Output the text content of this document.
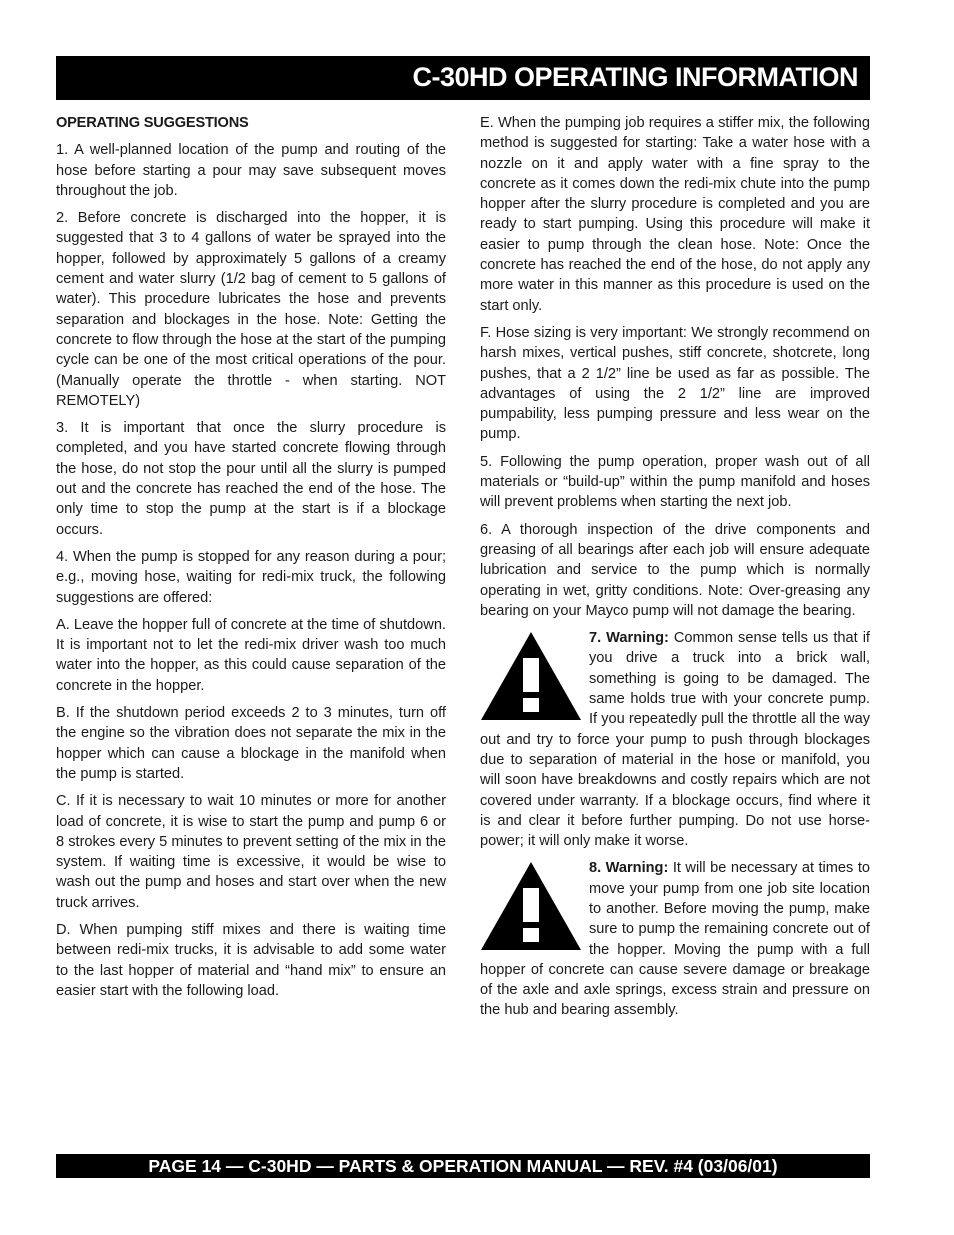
C-30HD OPERATING INFORMATION
OPERATING SUGGESTIONS

1. A well-planned location of the pump and routing of the hose before starting a pour may save subsequent moves throughout the job.

2. Before concrete is discharged into the hopper, it is suggested that 3 to 4 gallons of water be sprayed into the hopper, followed by approximately 5 gallons of a creamy cement and water slurry (1/2 bag of cement to 5 gallons of water). This procedure lubricates the hose and prevents separation and blockages in the hose. Note: Getting the concrete to flow through the hose at the start of the pumping cycle can be one of the most critical operations of the pour. (Manually operate the throttle - when starting. NOT REMOTELY)

3. It is important that once the slurry procedure is completed, and you have started concrete flowing through the hose, do not stop the pour until all the slurry is pumped out and the concrete has reached the end of the hose. The only time to stop the pump at the start is if a blockage occurs.

4. When the pump is stopped for any reason during a pour; e.g., moving hose, waiting for redi-mix truck, the following suggestions are offered:

A. Leave the hopper full of concrete at the time of shutdown. It is important not to let the redi-mix driver wash too much water into the hopper, as this could cause separation of the concrete in the hopper.

B. If the shutdown period exceeds 2 to 3 minutes, turn off the engine so the vibration does not separate the mix in the hopper which can cause a blockage in the manifold when the pump is started.

C. If it is necessary to wait 10 minutes or more for another load of concrete, it is wise to start the pump and pump 6 or 8 strokes every 5 minutes to prevent setting of the mix in the system. If waiting time is excessive, it would be wise to wash out the pump and hoses and start over when the new truck arrives.

D. When pumping stiff mixes and there is waiting time between redi-mix trucks, it is advisable to add some water to the last hopper of material and “hand mix” to ensure an easier start with the following load.

E. When the pumping job requires a stiffer mix, the following method is suggested for starting: Take a water hose with a nozzle on it and apply water with a fine spray to the concrete as it comes down the redi-mix chute into the pump hopper after the slurry procedure is completed and you are ready to start pumping. Using this procedure will make it easier to pump through the clean hose. Note: Once the concrete has reached the end of the hose, do not apply any more water in this manner as this procedure is used on the start only.

F. Hose sizing is very important: We strongly recommend on harsh mixes, vertical pushes, stiff concrete, shotcrete, long pushes, that a 2 1/2” line be used as far as possible. The advantages of using the 2 1/2” line are improved pumpability, less pumping pressure and less wear on the pump.

5. Following the pump operation, proper wash out of all materials or “build-up” within the pump manifold and hoses will prevent problems when starting the next job.

6. A thorough inspection of the drive components and greasing of all bearings after each job will ensure adequate lubrication and service to the pump which is normally operating in wet, gritty conditions. Note: Over-greasing any bearing on your Mayco pump will not damage the bearing.

7. Warning: Common sense tells us that if you drive a truck into a brick wall, something is going to be damaged. The same holds true with your concrete pump. If you repeatedly pull the throttle all the way out and try to force your pump to push through blockages due to separation of material in the hose or manifold, you will soon have breakdowns and costly repairs which are not covered under warranty. If a blockage occurs, find where it is and clear it before further pumping. Do not use horse-power; it will only make it worse.

8. Warning: It will be necessary at times to move your pump from one job site location to another. Before moving the pump, make sure to pump the remaining concrete out of the hopper. Moving the pump with a full hopper of concrete can cause severe damage or breakage of the axle and axle springs, excess strain and pressure on the hub and bearing assembly.

PAGE 14 — C-30HD — PARTS & OPERATION MANUAL — REV. #4 (03/06/01)
